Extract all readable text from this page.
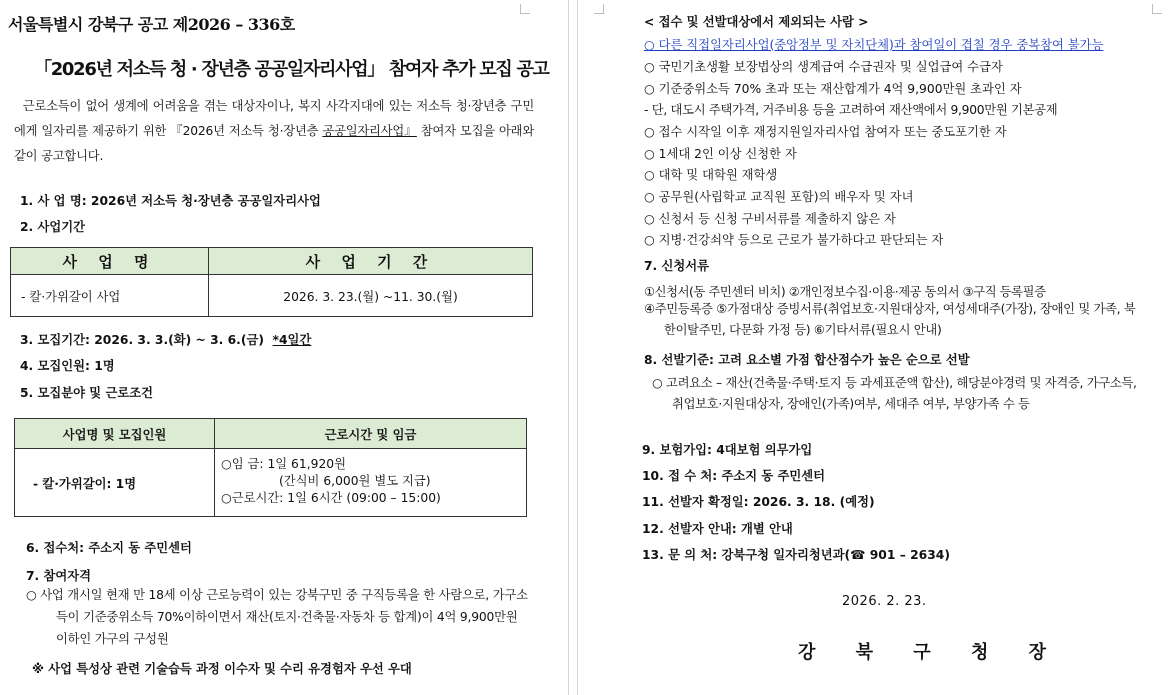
서울특별시 강북구 공고 제2026 – 336호
「2026년 저소득 청 · 장년층 공공일자리사업」 참여자 추가 모집 공고
근로소득이 없어 생계에 어려움을 겪는 대상자이나, 복지 사각지대에 있는 저소득 청·장년층 구민에게 일자리를 제공하기 위한 『2026년 저소득 청·장년층 공공일자리사업』 참여자 모집을 아래와 같이 공고합니다.
1. 사 업 명: 2026년 저소득 청·장년층 공공일자리사업
2. 사업기간
사 업 명	사 업 기 간
- 칼·가위갈이 사업	2026. 3. 23.(월) ~11. 30.(월)
3. 모집기간: 2026. 3. 3.(화) ~ 3. 6.(금) *4일간
4. 모집인원: 1명
5. 모집분야 및 근로조건
사업명 및 모집인원	근로시간 및 임금
- 칼·가위갈이: 1명	○임 금: 1일 61,920원
(간식비 6,000원 별도 지급)
○근로시간: 1일 6시간 (09:00 – 15:00)
6. 접수처: 주소지 동 주민센터
7. 참여자격
○ 사업 개시일 현재 만 18세 이상 근로능력이 있는 강북구민 중 구직등록을 한 사람으로, 가구소득이 기준중위소득 70%이하이면서 재산(토지·건축물·자동차 등 합계)이 4억 9,900만원 이하인 가구의 구성원
※ 사업 특성상 관련 기술습득 과정 이수자 및 수리 유경험자 우선 우대
< 접수 및 선발대상에서 제외되는 사람 >
○ 다른 직접일자리사업(중앙정부 및 자치단체)과 참여일이 겹칠 경우 중복참여 불가능
○ 국민기초생활 보장법상의 생계급여 수급권자 및 실업급여 수급자
○ 기준중위소득 70% 초과 또는 재산합계가 4억 9,900만원 초과인 자
- 단, 대도시 주택가격, 거주비용 등을 고려하여 재산액에서 9,900만원 기본공제
○ 접수 시작일 이후 재정지원일자리사업 참여자 또는 중도포기한 자
○ 1세대 2인 이상 신청한 자
○ 대학 및 대학원 재학생
○ 공무원(사립학교 교직원 포함)의 배우자 및 자녀
○ 신청서 등 신청 구비서류를 제출하지 않은 자
○ 지병·건강쇠약 등으로 근로가 불가하다고 판단되는 자
7. 신청서류
①신청서(동 주민센터 비치) ②개인정보수집·이용·제공 동의서 ③구직 등록필증
④주민등록증 ⑤가점대상 증빙서류(취업보호·지원대상자, 여성세대주(가장), 장애인 및 가족, 북한이탈주민, 다문화 가정 등) ⑥기타서류(필요시 안내)
8. 선발기준: 고려 요소별 가점 합산점수가 높은 순으로 선발
○ 고려요소 – 재산(건축물·주택·토지 등 과세표준액 합산), 해당분야경력 및 자격증, 가구소득, 취업보호·지원대상자, 장애인(가족)여부, 세대주 여부, 부양가족 수 등
9. 보험가입: 4대보험 의무가입
10. 접 수 처: 주소지 동 주민센터
11. 선발자 확정일: 2026. 3. 18. (예정)
12. 선발자 안내: 개별 안내
13. 문 의 처: 강북구청 일자리청년과(☎ 901 – 2634)
2026. 2. 23.
강 북 구 청 장
